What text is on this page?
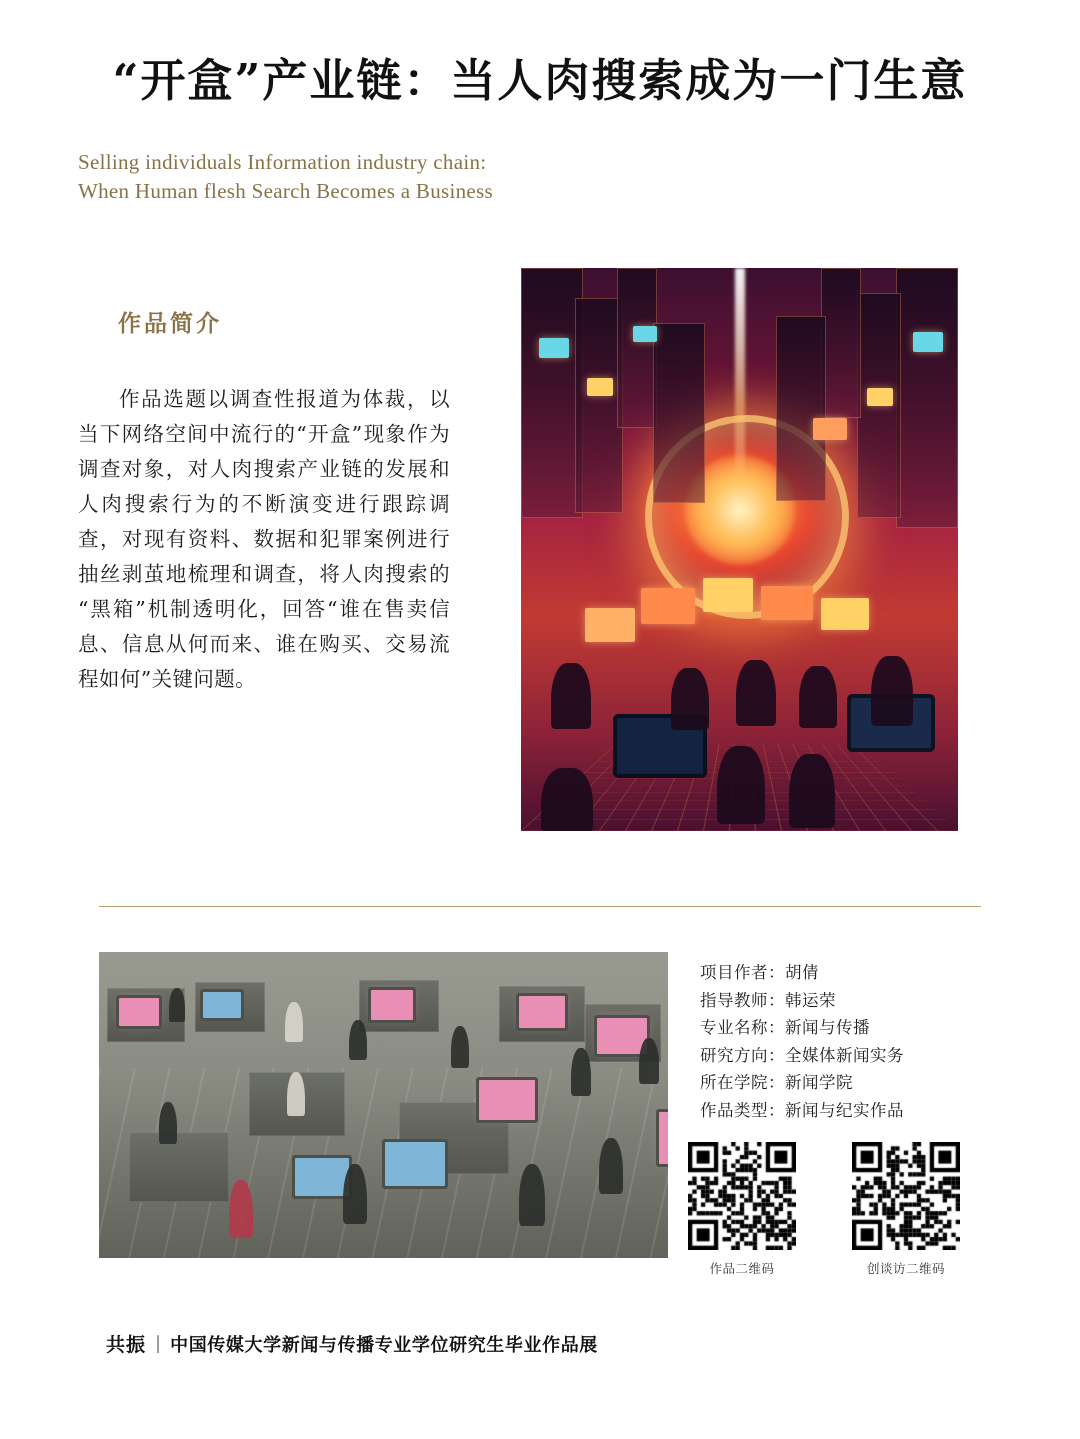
“开盒”产业链：当人肉搜索成为一门生意
Selling individuals Information industry chain:
When Human flesh Search Becomes a Business
作品简介
作品选题以调查性报道为体裁，以当下网络空间中流行的“开盒”现象作为调查对象，对人肉搜索产业链的发展和人肉搜索行为的不断演变进行跟踪调查，对现有资料、数据和犯罪案例进行抽丝剥茧地梳理和调查，将人肉搜索的“黑箱”机制透明化，回答“谁在售卖信息、信息从何而来、谁在购买、交易流程如何”关键问题。
项目作者：胡倩
指导教师：韩运荣
专业名称：新闻与传播
研究方向：全媒体新闻实务
所在学院：新闻学院
作品类型：新闻与纪实作品
作品二维码	创谈访二维码
共振 | 中国传媒大学新闻与传播专业学位研究生毕业作品展
